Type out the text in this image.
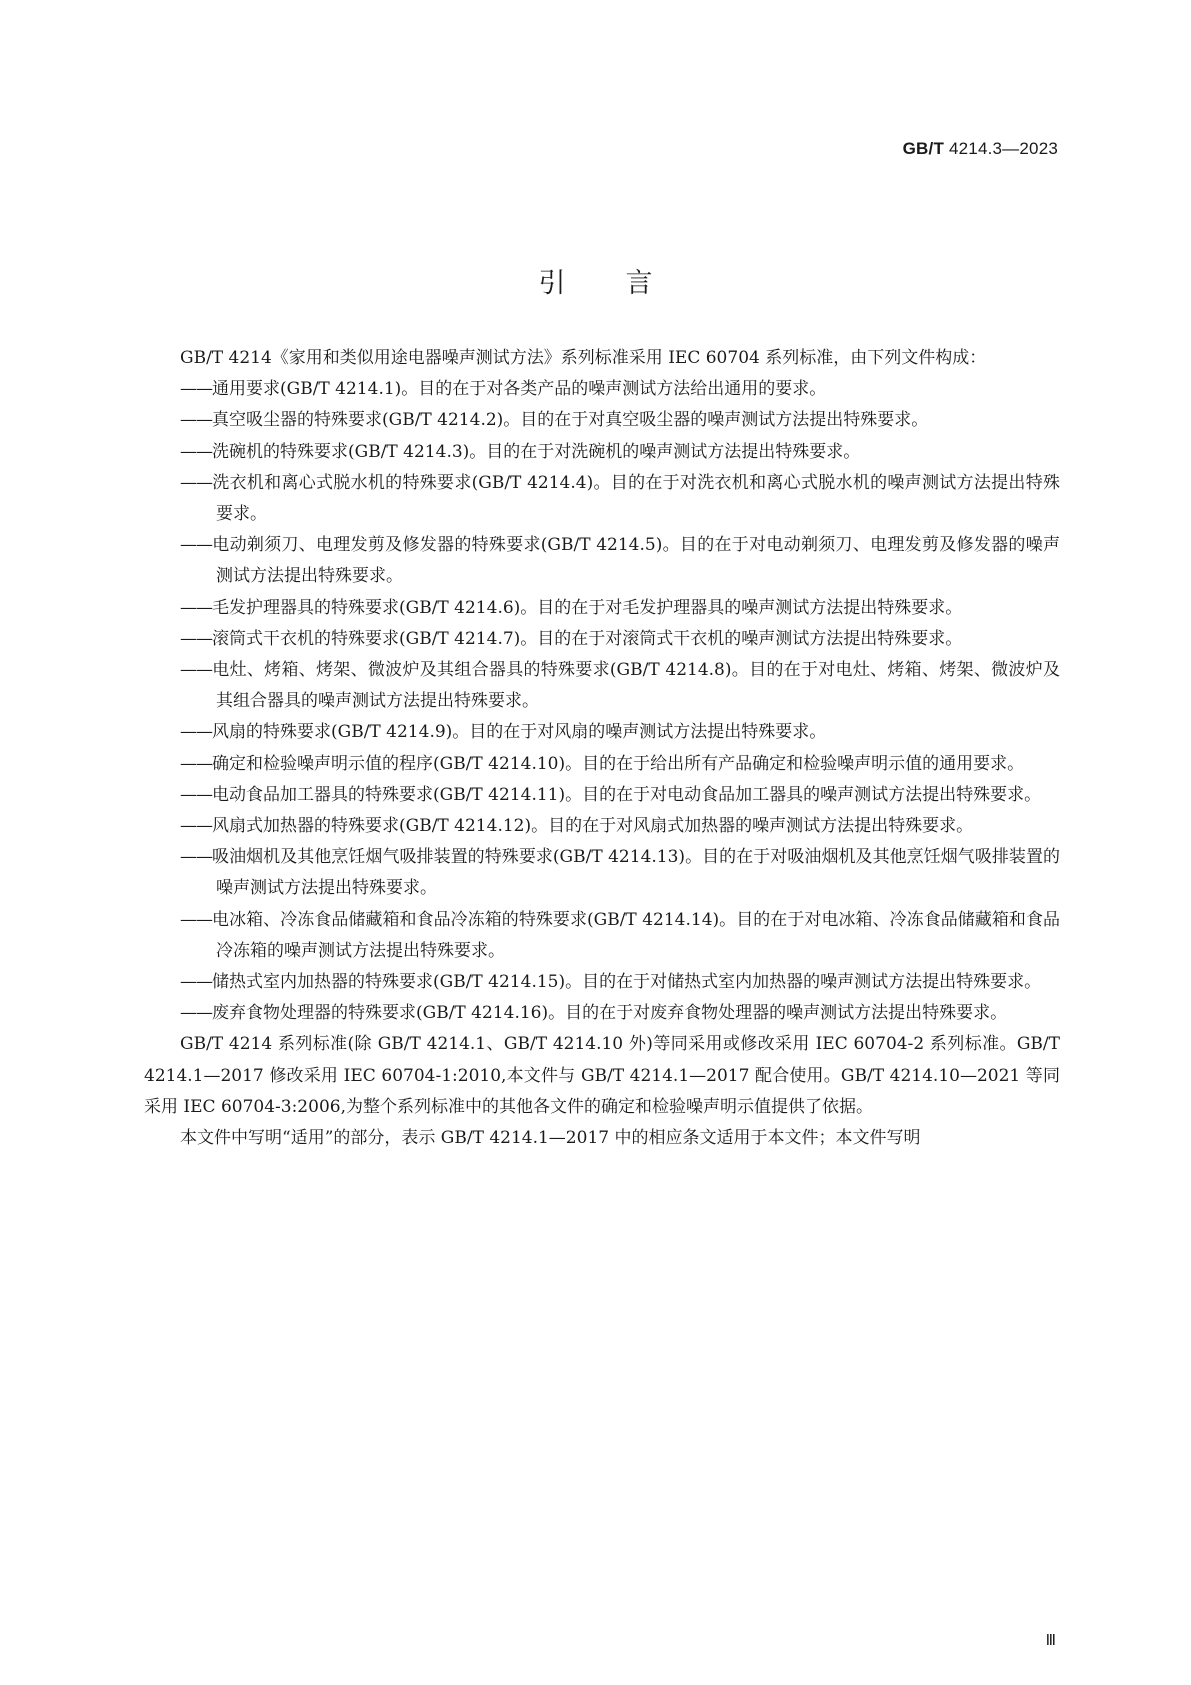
GB/T 4214.3—2023
引言

GB/T 4214《家用和类似用途电器噪声测试方法》系列标准采用 IEC 60704 系列标准，由下列文件构成：

——通用要求(GB/T 4214.1)。目的在于对各类产品的噪声测试方法给出通用的要求。
——真空吸尘器的特殊要求(GB/T 4214.2)。目的在于对真空吸尘器的噪声测试方法提出特殊要求。
——洗碗机的特殊要求(GB/T 4214.3)。目的在于对洗碗机的噪声测试方法提出特殊要求。
——洗衣机和离心式脱水机的特殊要求(GB/T 4214.4)。目的在于对洗衣机和离心式脱水机的噪声测试方法提出特殊要求。
——电动剃须刀、电理发剪及修发器的特殊要求(GB/T 4214.5)。目的在于对电动剃须刀、电理发剪及修发器的噪声测试方法提出特殊要求。
——毛发护理器具的特殊要求(GB/T 4214.6)。目的在于对毛发护理器具的噪声测试方法提出特殊要求。
——滚筒式干衣机的特殊要求(GB/T 4214.7)。目的在于对滚筒式干衣机的噪声测试方法提出特殊要求。
——电灶、烤箱、烤架、微波炉及其组合器具的特殊要求(GB/T 4214.8)。目的在于对电灶、烤箱、烤架、微波炉及其组合器具的噪声测试方法提出特殊要求。
——风扇的特殊要求(GB/T 4214.9)。目的在于对风扇的噪声测试方法提出特殊要求。
——确定和检验噪声明示值的程序(GB/T 4214.10)。目的在于给出所有产品确定和检验噪声明示值的通用要求。
——电动食品加工器具的特殊要求(GB/T 4214.11)。目的在于对电动食品加工器具的噪声测试方法提出特殊要求。
——风扇式加热器的特殊要求(GB/T 4214.12)。目的在于对风扇式加热器的噪声测试方法提出特殊要求。
——吸油烟机及其他烹饪烟气吸排装置的特殊要求(GB/T 4214.13)。目的在于对吸油烟机及其他烹饪烟气吸排装置的噪声测试方法提出特殊要求。
——电冰箱、冷冻食品储藏箱和食品冷冻箱的特殊要求(GB/T 4214.14)。目的在于对电冰箱、冷冻食品储藏箱和食品冷冻箱的噪声测试方法提出特殊要求。
——储热式室内加热器的特殊要求(GB/T 4214.15)。目的在于对储热式室内加热器的噪声测试方法提出特殊要求。
——废弃食物处理器的特殊要求(GB/T 4214.16)。目的在于对废弃食物处理器的噪声测试方法提出特殊要求。

GB/T 4214 系列标准(除 GB/T 4214.1、GB/T 4214.10 外)等同采用或修改采用 IEC 60704-2 系列标准。GB/T 4214.1—2017 修改采用 IEC 60704-1:2010,本文件与 GB/T 4214.1—2017 配合使用。GB/T 4214.10—2021 等同采用 IEC 60704-3:2006,为整个系列标准中的其他各文件的确定和检验噪声明示值提供了依据。

本文件中写明“适用”的部分，表示 GB/T 4214.1—2017 中的相应条文适用于本文件；本文件写明

Ⅲ
